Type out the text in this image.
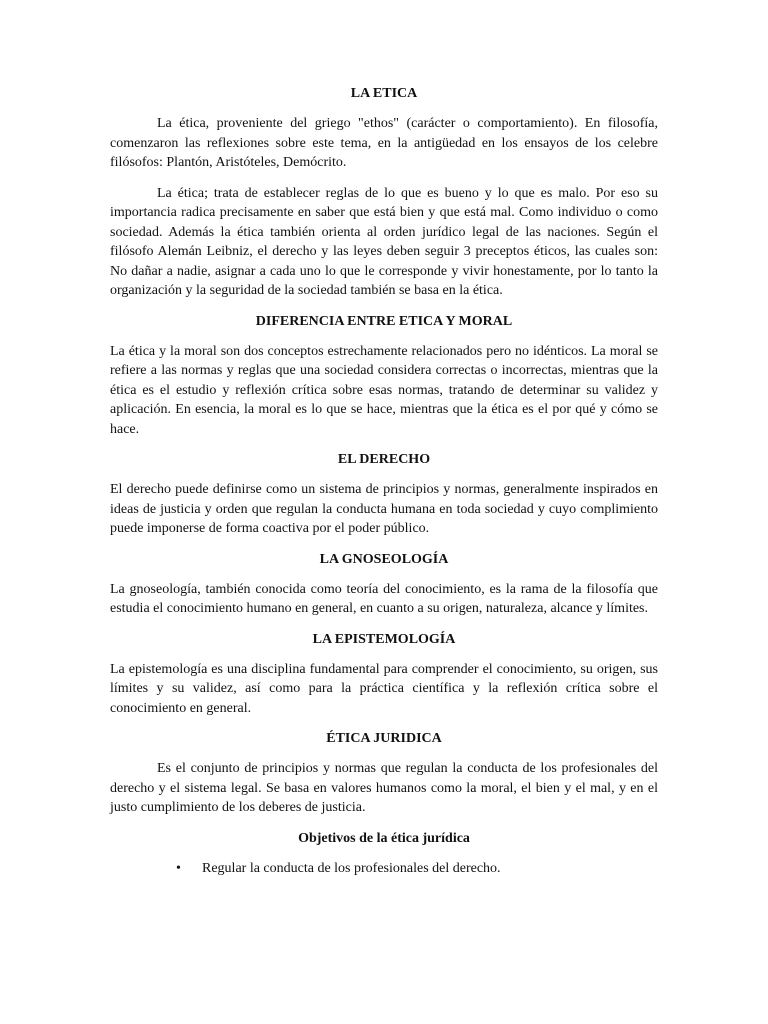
LA ETICA

La ética, proveniente del griego "ethos" (carácter o comportamiento). En filosofía, comenzaron las reflexiones sobre este tema, en la antigüedad en los ensayos de los celebre filósofos: Plantón, Aristóteles, Demócrito.

La ética; trata de establecer reglas de lo que es bueno y lo que es malo. Por eso su importancia radica precisamente en saber que está bien y que está mal. Como individuo o como sociedad. Además la ética también orienta al orden jurídico legal de las naciones. Según el filósofo Alemán Leibniz, el derecho y las leyes deben seguir 3 preceptos éticos, las cuales son: No dañar a nadie, asignar a cada uno lo que le corresponde y vivir honestamente, por lo tanto la organización y la seguridad de la sociedad también se basa en la ética.

DIFERENCIA ENTRE ETICA Y MORAL

La ética y la moral son dos conceptos estrechamente relacionados pero no idénticos. La moral se refiere a las normas y reglas que una sociedad considera correctas o incorrectas, mientras que la ética es el estudio y reflexión crítica sobre esas normas, tratando de determinar su validez y aplicación. En esencia, la moral es lo que se hace, mientras que la ética es el por qué y cómo se hace.

EL DERECHO

El derecho puede definirse como un sistema de principios y normas, generalmente inspirados en ideas de justicia y orden que regulan la conducta humana en toda sociedad y cuyo complimiento puede imponerse de forma coactiva por el poder público.

LA GNOSEOLOGÍA

La gnoseología, también conocida como teoría del conocimiento, es la rama de la filosofía que estudia el conocimiento humano en general, en cuanto a su origen, naturaleza, alcance y límites.

LA EPISTEMOLOGÍA

La epistemología es una disciplina fundamental para comprender el conocimiento, su origen, sus límites y su validez, así como para la práctica científica y la reflexión crítica sobre el conocimiento en general.

ÉTICA JURIDICA

Es el conjunto de principios y normas que regulan la conducta de los profesionales del derecho y el sistema legal. Se basa en valores humanos como la moral, el bien y el mal, y en el justo cumplimiento de los deberes de justicia.

Objetivos de la ética jurídica
• Regular la conducta de los profesionales del derecho.
